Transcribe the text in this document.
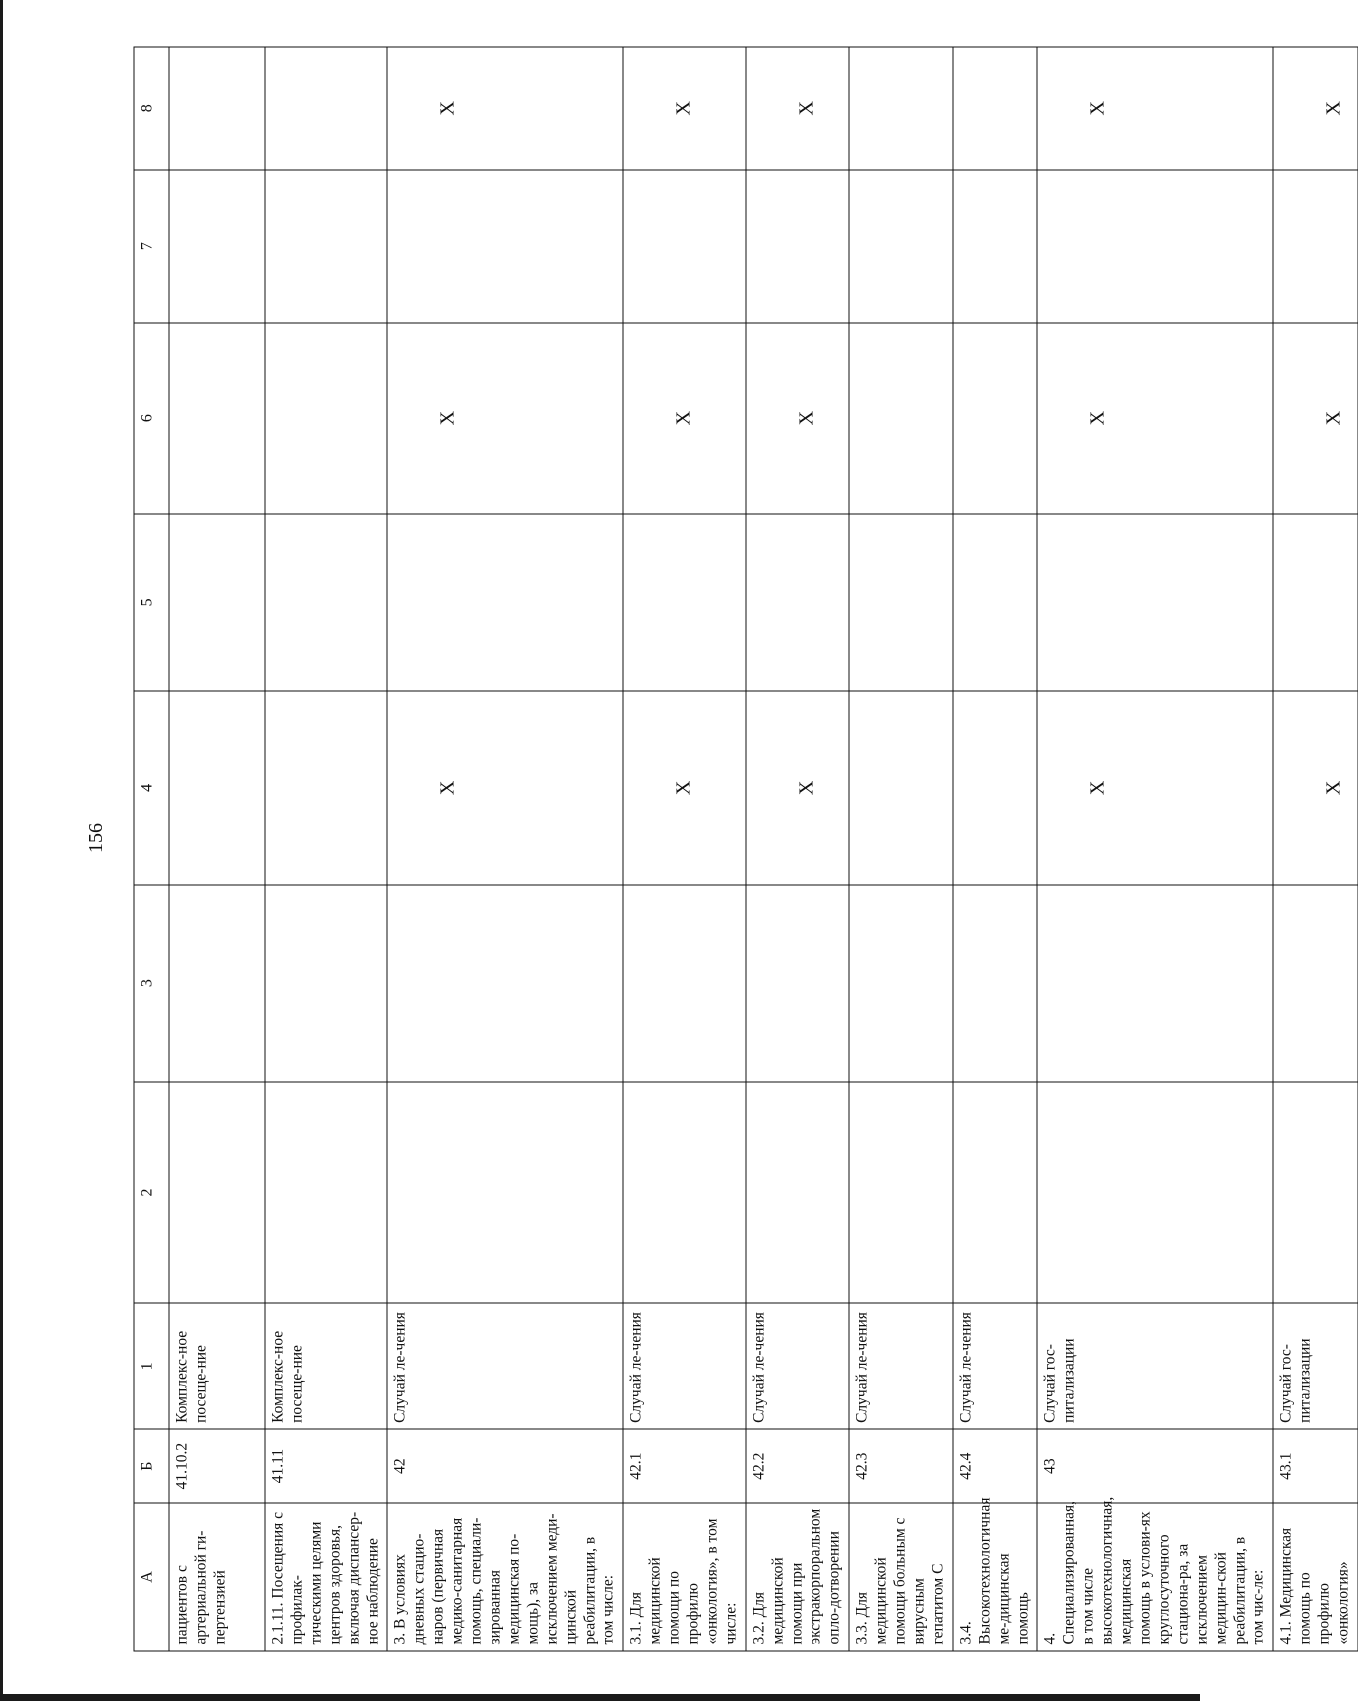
156
А	Б	1	2	3	4	5	6	7	8
пациентов с артериальной ги-пертензией	41.10.2	Комплекс-ное посеще-ние							
2.1.11. Посещения с профилак-тическими целями центров здоровья, включая диспансер-ное наблюдение	41.11	Комплекс-ное посеще-ние							
3. В условиях дневных стацио-наров (первичная медико-санитарная помощь, специали-зированная медицинская по-мощь), за исключением меди-цинской реабилитации, в том числе:	42	Случай ле-чения			X		X		X
3.1. Для медицинской помощи по профилю «онкология», в том числе:	42.1	Случай ле-чения			X		X		X
3.2. Для медицинской помощи при экстракорпоральном опло-дотворении	42.2	Случай ле-чения			X		X		X
3.3. Для медицинской помощи больным с вирусным гепатитом С	42.3	Случай ле-чения							
3.4. Высокотехнологичная ме-дицинская помощь	42.4	Случай ле-чения							
4. Специализированная, в том числе высокотехнологичная, медицинская помощь в услови-ях круглосуточного стациона-ра, за исключением медицин-ской реабилитации, в том чис-ле:	43	Случай гос-питализации			X		X		X
4.1. Медицинская помощь по профилю «онкология»	43.1	Случай гос-питализации			X		X		X
